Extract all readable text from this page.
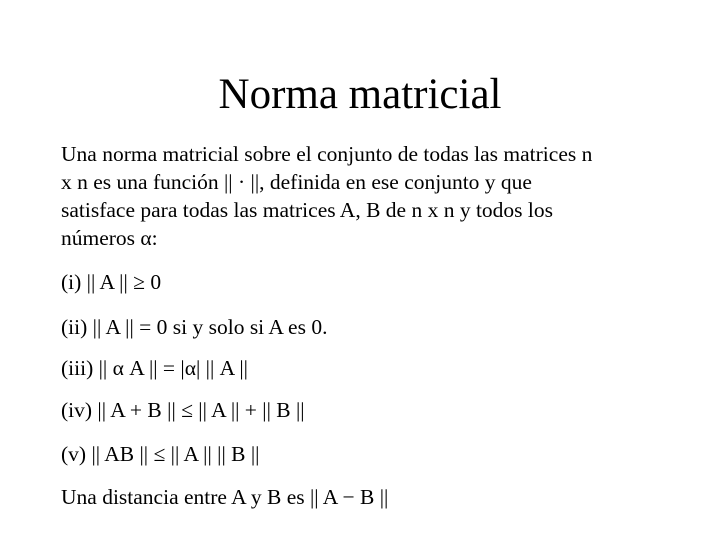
Norma matricial
Una norma matricial sobre el conjunto de todas las matrices n
x n es una función || · ||, definida en ese conjunto y que
satisface para todas las matrices A, B de n x n y todos los
números α:
(i) || A || ≥ 0
(ii) || A || = 0 si y solo si A es 0.
(iii) || α A || = |α| || A ||
(iv) || A + B || ≤ || A || + || B ||
(v) || AB || ≤ || A || || B ||
Una distancia entre A y B es || A − B ||
